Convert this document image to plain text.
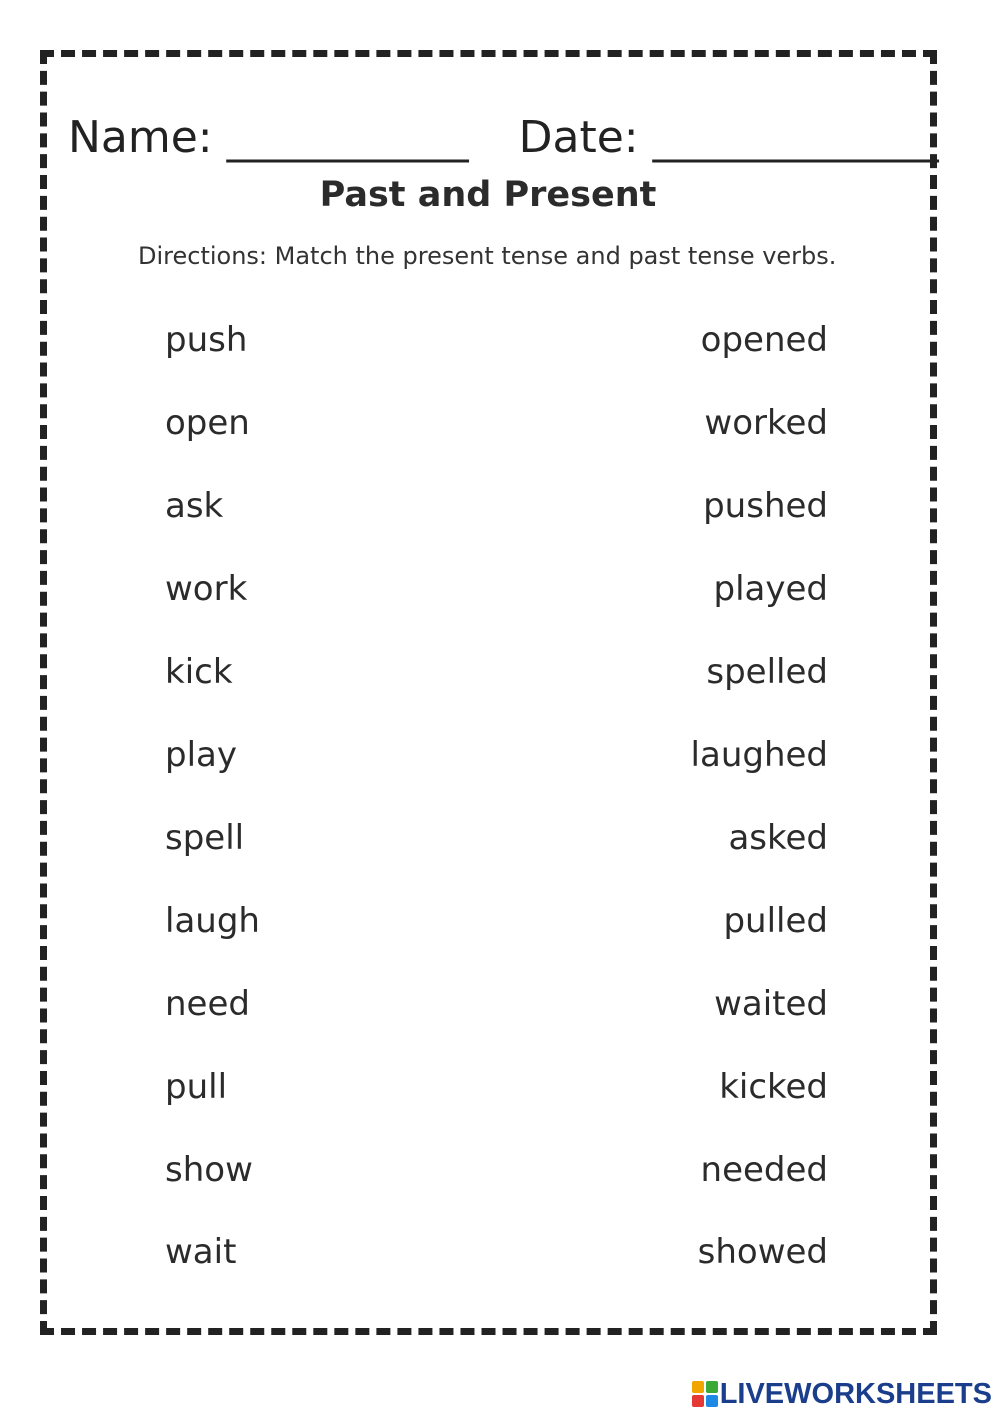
Name: ___________ Date: _____________
Past and Present
Directions: Match the present tense and past tense verbs.
push	opened
open	worked
ask	pushed
work	played
kick	spelled
play	laughed
spell	asked
laugh	pulled
need	waited
pull	kicked
show	needed
wait	showed
LIVEWORKSHEETS
